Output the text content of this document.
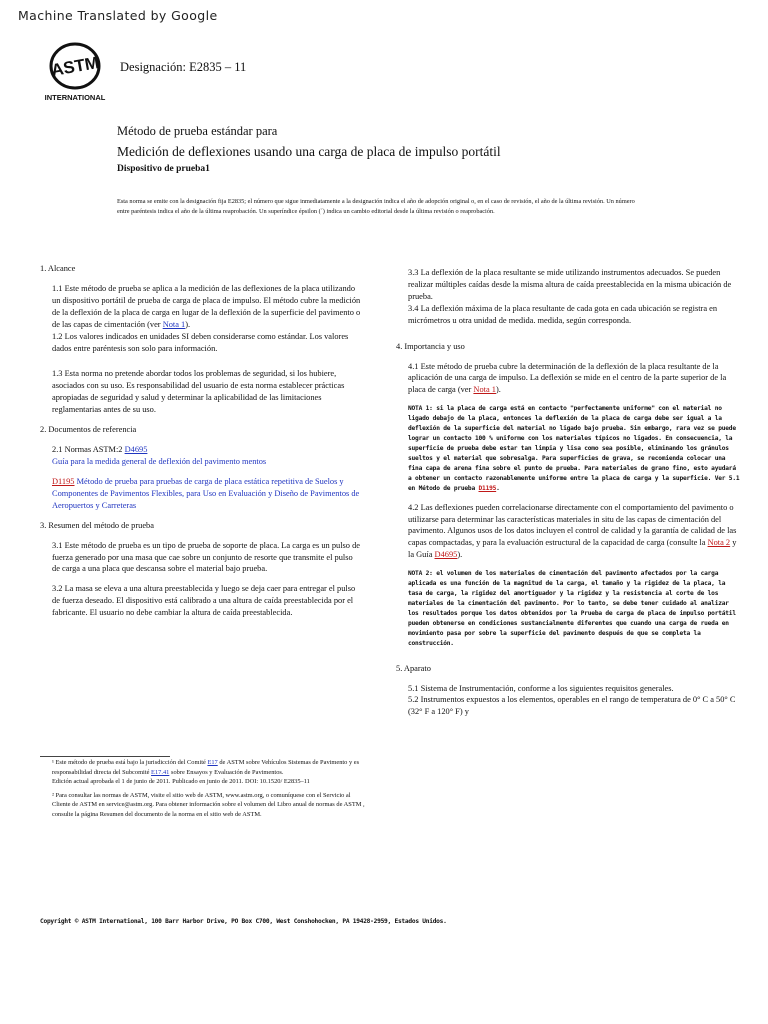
Machine Translated by Google
ASTM
INTERNATIONAL
Designación: E2835 – 11
Método de prueba estándar para
Medición de deflexiones usando una carga de placa de impulso portátil
Dispositivo de prueba1
Esta norma se emite con la designación fija E2835; el número que sigue inmediatamente a la designación indica el año de adopción original o, en el caso de revisión, el año de la última revisión. Un número entre paréntesis indica el año de la última reaprobación. Un superíndice épsilon (´) indica un cambio editorial desde la última revisión o reaprobación.

1. Alcance

1.1 Este método de prueba se aplica a la medición de las deflexiones de la placa utilizando un dispositivo portátil de prueba de carga de placa de impulso. El método cubre la medición de la deflexión de la placa de carga en lugar de la deflexión de la superficie del pavimento o de las capas de cimentación (ver Nota 1).

1.2 Los valores indicados en unidades SI deben considerarse como estándar. Los valores dados entre paréntesis son solo para información.

1.3 Esta norma no pretende abordar todos los problemas de seguridad, si los hubiere, asociados con su uso. Es responsabilidad del usuario de esta norma establecer prácticas apropiadas de seguridad y salud y determinar la aplicabilidad de las limitaciones reglamentarias antes de su uso.

2. Documentos de referencia

2.1 Normas ASTM:2 D4695

Guía para la medida general de deflexión del pavimento mentos

D1195 Método de prueba para pruebas de carga de placa estática repetitiva de Suelos y Componentes de Pavimentos Flexibles, para Uso en Evaluación y Diseño de Pavimentos de Aeropuertos y Carreteras

3. Resumen del método de prueba

3.1 Este método de prueba es un tipo de prueba de soporte de placa. La carga es un pulso de fuerza generado por una masa que cae sobre un conjunto de resorte que transmite el pulso de carga a una placa que descansa sobre el material bajo prueba.

3.2 La masa se eleva a una altura preestablecida y luego se deja caer para entregar el pulso de fuerza deseado. El dispositivo está calibrado a una altura de caída preestablecida por el fabricante. El usuario no debe cambiar la altura de caída preestablecida.

¹ Este método de prueba está bajo la jurisdicción del Comité E17 de ASTM sobre Vehículos Sistemas de Pavimento y es responsabilidad directa del Subcomité E17.41 sobre Ensayos y Evaluación de Pavimentos.

Edición actual aprobada el 1 de junio de 2011. Publicado en junio de 2011. DOI: 10.1520/ E2835–11

² Para consultar las normas de ASTM, visite el sitio web de ASTM, www.astm.org, o comuníquese con el Servicio al Cliente de ASTM en service@astm.org. Para obtener información sobre el volumen del Libro anual de normas de ASTM , consulte la página Resumen del documento de la norma en el sitio web de ASTM.

3.3 La deflexión de la placa resultante se mide utilizando instrumentos adecuados. Se pueden realizar múltiples caídas desde la misma altura de caída preestablecida en la misma ubicación de prueba.

3.4 La deflexión máxima de la placa resultante de cada gota en cada ubicación se registra en micrómetros u otra unidad de medida. medida, según corresponda.

4. Importancia y uso

4.1 Este método de prueba cubre la determinación de la deflexión de la placa resultante de la aplicación de una carga de impulso. La deflexión se mide en el centro de la parte superior de la placa de carga (ver Nota 1).

NOTA 1: si la placa de carga está en contacto "perfectamente uniforme" con el material no ligado debajo de la placa, entonces la deflexión de la placa de carga debe ser igual a la deflexión de la superficie del material no ligado bajo prueba. Sin embargo, rara vez se puede lograr un contacto 100 % uniforme con los materiales típicos no ligados. En consecuencia, la superficie de prueba debe estar tan limpia y lisa como sea posible, eliminando los gránulos sueltos y el material que sobresalga. Para superficies de grava, se recomienda colocar una fina capa de arena fina sobre el punto de prueba. Para materiales de grano fino, esto ayudará a obtener un contacto razonablemente uniforme entre la placa de carga y la superficie. Ver 5.1 en Método de prueba D1195.

4.2 Las deflexiones pueden correlacionarse directamente con el comportamiento del pavimento o utilizarse para determinar las características materiales in situ de las capas de cimentación del pavimento. Algunos usos de los datos incluyen el control de calidad y la garantía de calidad de las capas compactadas, y para la evaluación estructural de la capacidad de carga (consulte la Nota 2 y la Guía D4695).

NOTA 2: el volumen de los materiales de cimentación del pavimento afectados por la carga aplicada es una función de la magnitud de la carga, el tamaño y la rigidez de la placa, la tasa de carga, la rigidez del amortiguador y la rigidez y la resistencia al corte de los materiales de la cimentación del pavimento. Por lo tanto, se debe tener cuidado al analizar los resultados porque los datos obtenidos por la Prueba de carga de placa de impulso portátil pueden obtenerse en condiciones sustancialmente diferentes que cuando una carga de rueda en movimiento pasa por sobre la superficie del pavimento después de que se completa la construcción.

5. Aparato

5.1 Sistema de Instrumentación, conforme a los siguientes requisitos generales.

5.2 Instrumentos expuestos a los elementos, operables en el rango de temperatura de 0° C a 50° C (32° F a 120° F) y

Copyright © ASTM International, 100 Barr Harbor Drive, PO Box C700, West Conshohocken, PA 19428-2959, Estados Unidos.
